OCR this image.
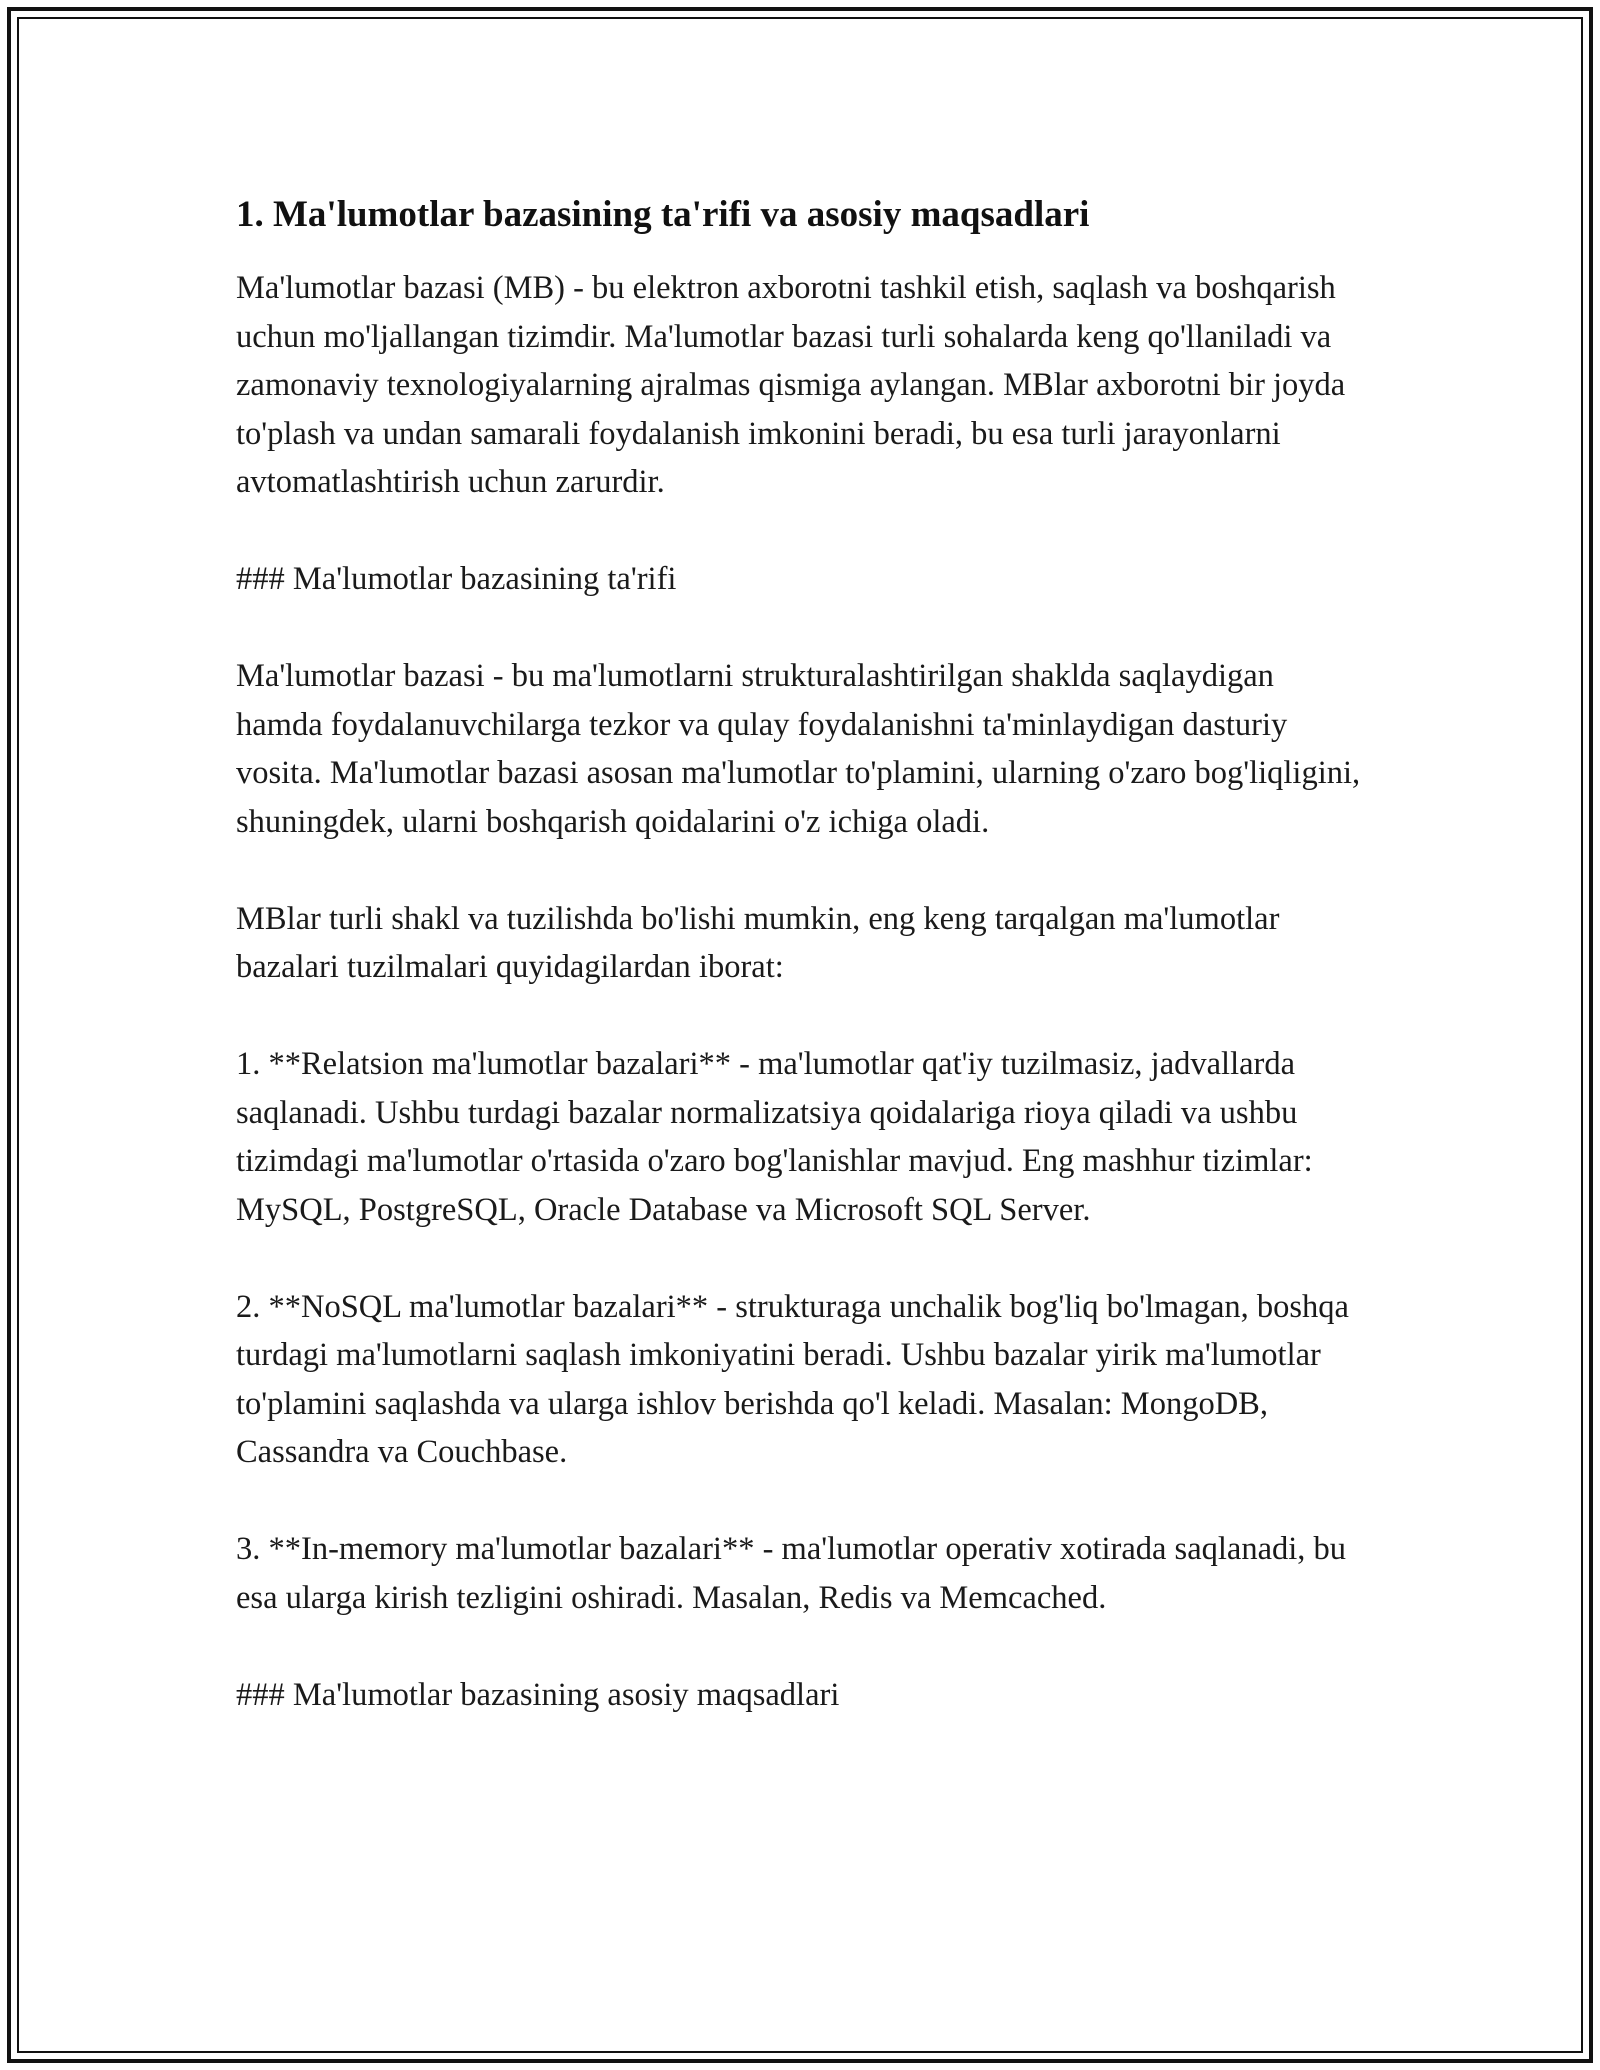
1. Ma'lumotlar bazasining ta'rifi va asosiy maqsadlari

Ma'lumotlar bazasi (MB) - bu elektron axborotni tashkil etish, saqlash va boshqarish uchun mo'ljallangan tizimdir. Ma'lumotlar bazasi turli sohalarda keng qo'llaniladi va zamonaviy texnologiyalarning ajralmas qismiga aylangan. MBlar axborotni bir joyda to'plash va undan samarali foydalanish imkonini beradi, bu esa turli jarayonlarni avtomatlashtirish uchun zarurdir.

### Ma'lumotlar bazasining ta'rifi

Ma'lumotlar bazasi - bu ma'lumotlarni strukturalashtirilgan shaklda saqlaydigan hamda foydalanuvchilarga tezkor va qulay foydalanishni ta'minlaydigan dasturiy vosita. Ma'lumotlar bazasi asosan ma'lumotlar to'plamini, ularning o'zaro bog'liqligini, shuningdek, ularni boshqarish qoidalarini o'z ichiga oladi.

MBlar turli shakl va tuzilishda bo'lishi mumkin, eng keng tarqalgan ma'lumotlar bazalari tuzilmalari quyidagilardan iborat:

1. **Relatsion ma'lumotlar bazalari** - ma'lumotlar qat'iy tuzilmasiz, jadvallarda saqlanadi. Ushbu turdagi bazalar normalizatsiya qoidalariga rioya qiladi va ushbu tizimdagi ma'lumotlar o'rtasida o'zaro bog'lanishlar mavjud. Eng mashhur tizimlar: MySQL, PostgreSQL, Oracle Database va Microsoft SQL Server.

2. **NoSQL ma'lumotlar bazalari** - strukturaga unchalik bog'liq bo'lmagan, boshqa turdagi ma'lumotlarni saqlash imkoniyatini beradi. Ushbu bazalar yirik ma'lumotlar to'plamini saqlashda va ularga ishlov berishda qo'l keladi. Masalan: MongoDB, Cassandra va Couchbase.

3. **In-memory ma'lumotlar bazalari** - ma'lumotlar operativ xotirada saqlanadi, bu esa ularga kirish tezligini oshiradi. Masalan, Redis va Memcached.

### Ma'lumotlar bazasining asosiy maqsadlari
